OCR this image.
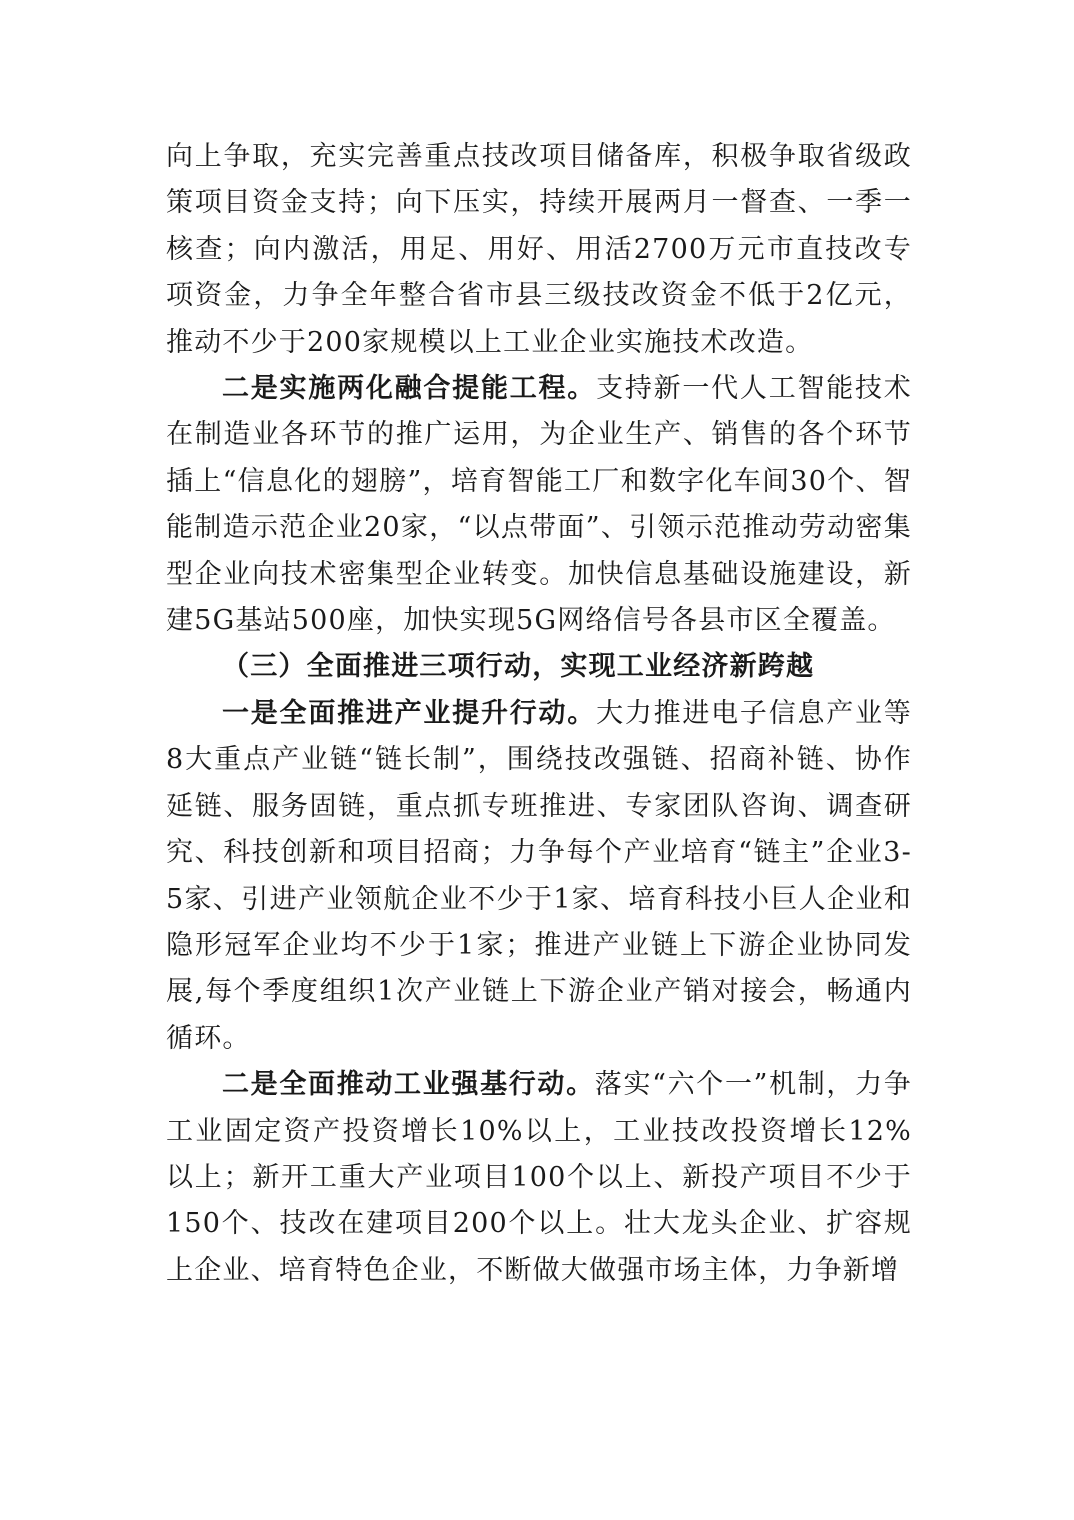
向上争取，充实完善重点技改项目储备库，积极争取省级政策项目资金支持；向下压实，持续开展两月一督查、一季一核查；向内激活，用足、用好、用活2700万元市直技改专项资金，力争全年整合省市县三级技改资金不低于2亿元，推动不少于200家规模以上工业企业实施技术改造。

二是实施两化融合提能工程。支持新一代人工智能技术在制造业各环节的推广运用，为企业生产、销售的各个环节插上“信息化的翅膀”，培育智能工厂和数字化车间30个、智能制造示范企业20家，“以点带面”、引领示范推动劳动密集型企业向技术密集型企业转变。加快信息基础设施建设，新建5G基站500座，加快实现5G网络信号各县市区全覆盖。

（三）全面推进三项行动，实现工业经济新跨越

一是全面推进产业提升行动。大力推进电子信息产业等8大重点产业链“链长制”，围绕技改强链、招商补链、协作延链、服务固链，重点抓专班推进、专家团队咨询、调查研究、科技创新和项目招商；力争每个产业培育“链主”企业3-5家、引进产业领航企业不少于1家、培育科技小巨人企业和隐形冠军企业均不少于1家；推进产业链上下游企业协同发展,每个季度组织1次产业链上下游企业产销对接会，畅通内循环。

二是全面推动工业强基行动。落实“六个一”机制，力争工业固定资产投资增长10%以上，工业技改投资增长12%以上；新开工重大产业项目100个以上、新投产项目不少于150个、技改在建项目200个以上。壮大龙头企业、扩容规上企业、培育特色企业，不断做大做强市场主体，力争新增
